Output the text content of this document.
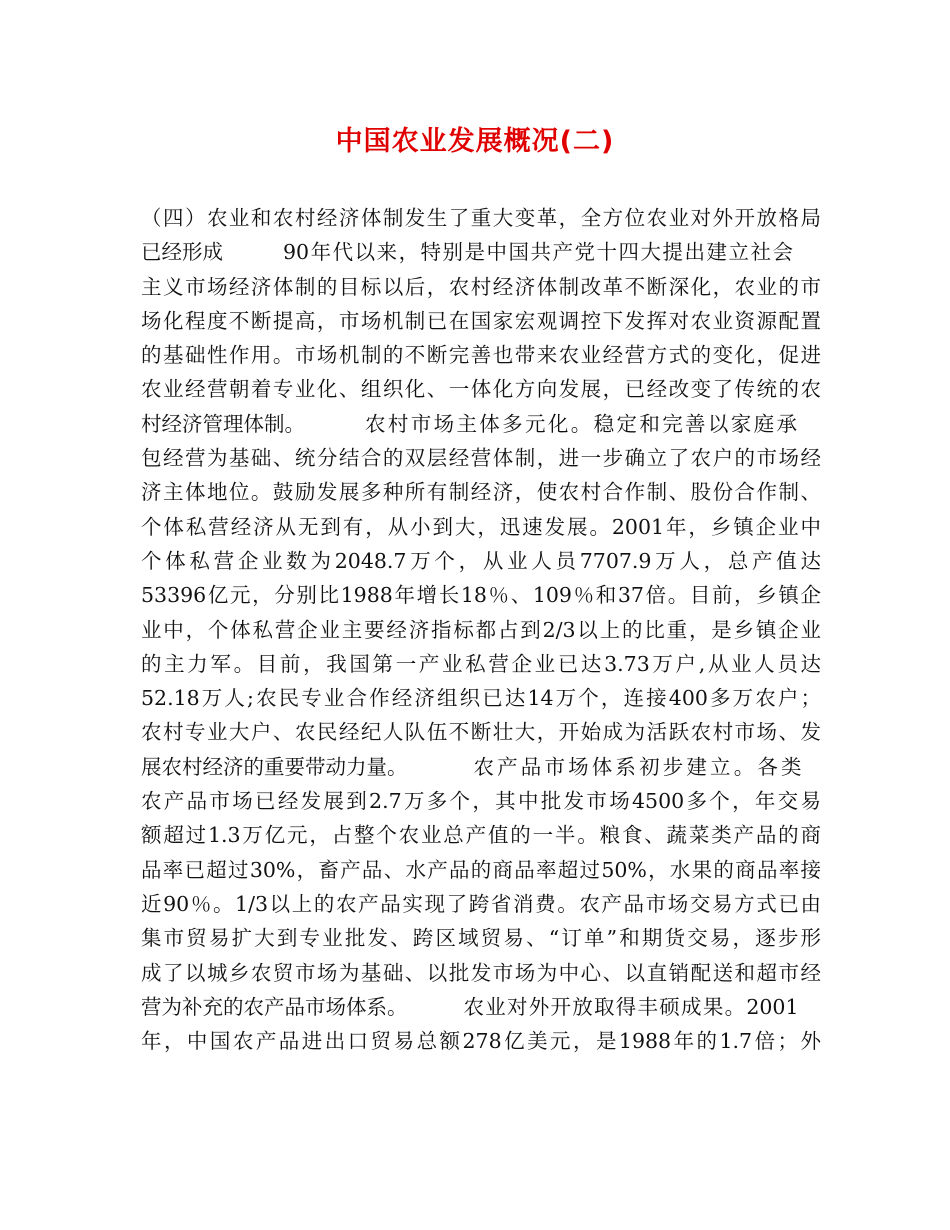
中国农业发展概况(二)
（四）农业和农村经济体制发生了重大变革，全方位农业对外开放格局
已经形成	90年代以来，特别是中国共产党十四大提出建立社会
主义市场经济体制的目标以后，农村经济体制改革不断深化，农业的市
场化程度不断提高，市场机制已在国家宏观调控下发挥对农业资源配置
的基础性作用。市场机制的不断完善也带来农业经营方式的变化，促进
农业经营朝着专业化、组织化、一体化方向发展，已经改变了传统的农
村经济管理体制。	农村市场主体多元化。稳定和完善以家庭承
包经营为基础、统分结合的双层经营体制，进一步确立了农户的市场经
济主体地位。鼓励发展多种所有制经济，使农村合作制、股份合作制、
个体私营经济从无到有，从小到大，迅速发展。2001年，乡镇企业中
个体私营企业数为2048.7万个，从业人员7707.9万人，总产值达
53396亿元，分别比1988年增长18％、109％和37倍。目前，乡镇企
业中，个体私营企业主要经济指标都占到2/3以上的比重，是乡镇企业
的主力军。目前，我国第一产业私营企业已达3.73万户,从业人员达
52.18万人;农民专业合作经济组织已达14万个，连接400多万农户；
农村专业大户、农民经纪人队伍不断壮大，开始成为活跃农村市场、发
展农村经济的重要带动力量。	农产品市场体系初步建立。各类
农产品市场已经发展到2.7万多个，其中批发市场4500多个，年交易
额超过1.3万亿元，占整个农业总产值的一半。粮食、蔬菜类产品的商
品率已超过30%，畜产品、水产品的商品率超过50%，水果的商品率接
近90％。1/3以上的农产品实现了跨省消费。农产品市场交易方式已由
集市贸易扩大到专业批发、跨区域贸易、“订单”和期货交易，逐步形
成了以城乡农贸市场为基础、以批发市场为中心、以直销配送和超市经
营为补充的农产品市场体系。	农业对外开放取得丰硕成果。2001
年，中国农产品进出口贸易总额278亿美元，是1988年的1.7倍；外
